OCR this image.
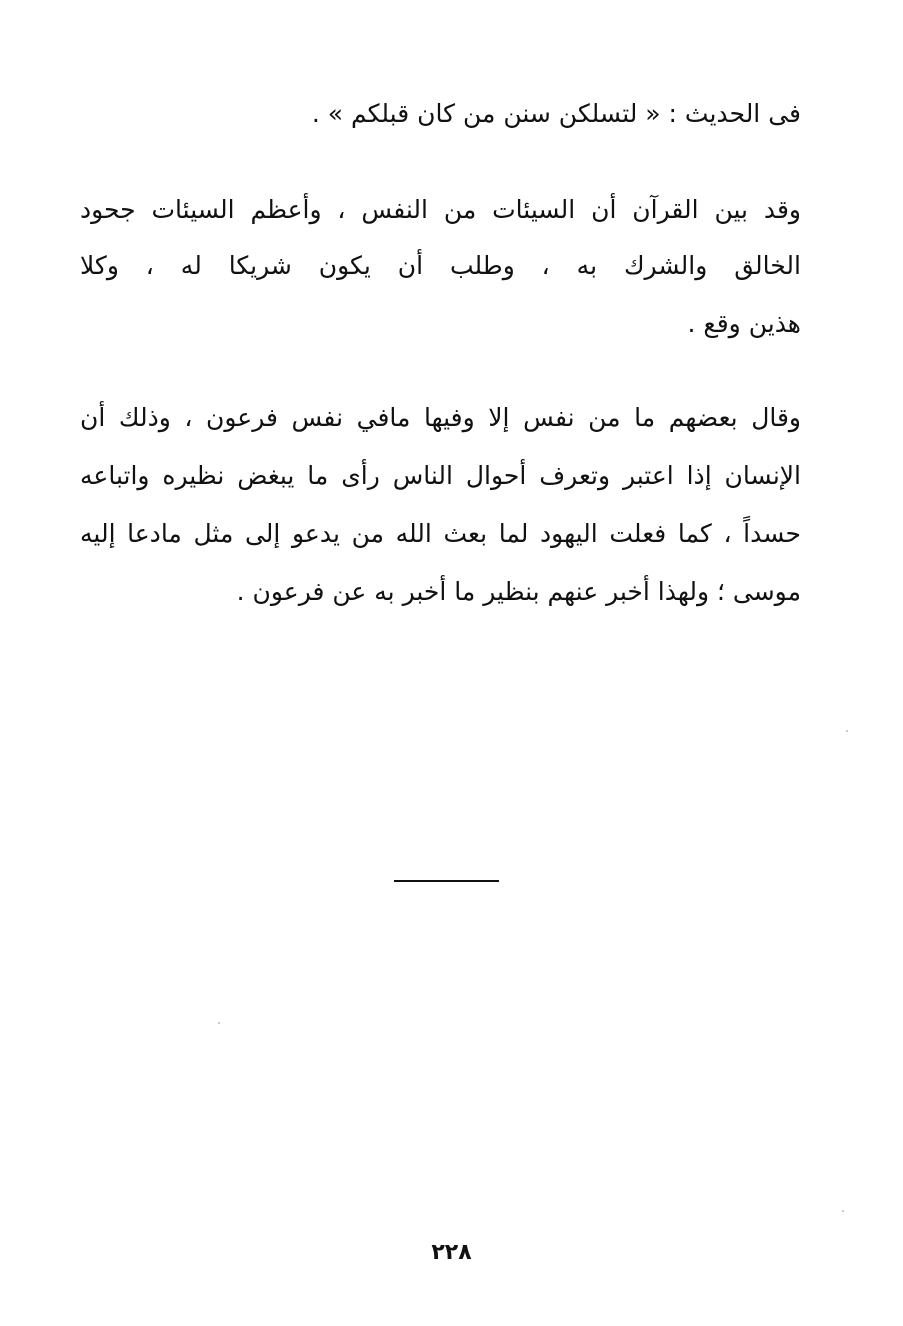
فى الحديث : « لتسلكن سنن من كان قبلكم » .
وقد بين القرآن أن السيئات من النفس ، وأعظم السيئات جحود
الخالق والشرك به ، وطلب أن يكون شريكا له ، وكلا
هذين وقع .
وقال بعضهم ما من نفس إلا وفيها مافي نفس فرعون ، وذلك أن
الإنسان إذا اعتبر وتعرف أحوال الناس رأى ما يبغض نظيره واتباعه
حسداً ، كما فعلت اليهود لما بعث الله من يدعو إلى مثل مادعا إليه
موسى ؛ ولهذا أخبر عنهم بنظير ما أخبر به عن فرعون .
٢٢٨
